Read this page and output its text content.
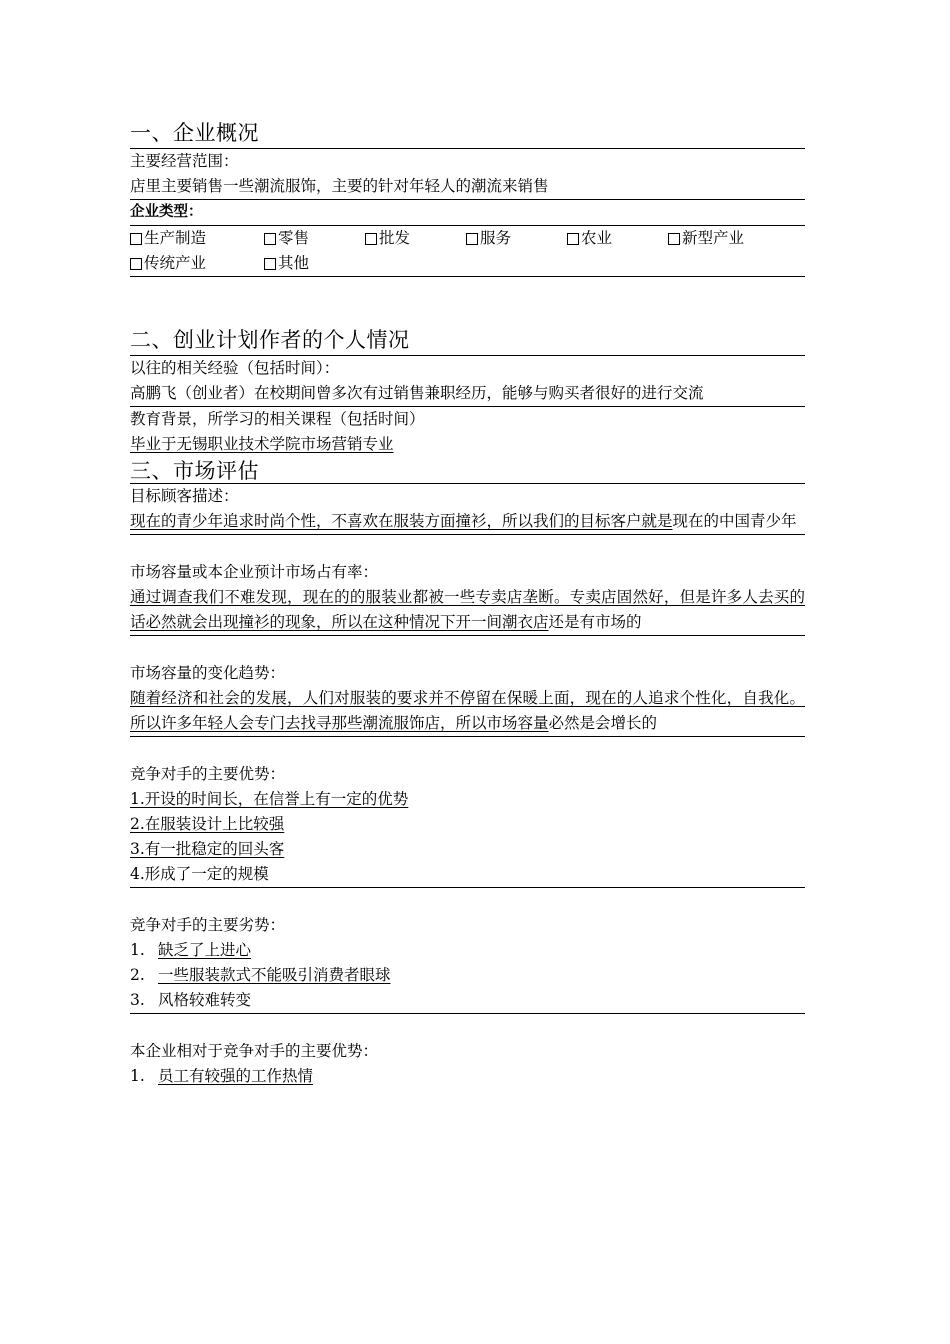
一、企业概况
主要经营范围：
店里主要销售一些潮流服饰，主要的针对年轻人的潮流来销售
企业类型：
生产制造	零售	批发	服务	农业	新型产业
传统产业	其他
二、创业计划作者的个人情况
以往的相关经验（包括时间）：
高鹏飞（创业者）在校期间曾多次有过销售兼职经历，能够与购买者很好的进行交流
教育背景，所学习的相关课程（包括时间）
毕业于无锡职业技术学院市场营销专业
三、市场评估
目标顾客描述：
现在的青少年追求时尚个性，不喜欢在服装方面撞衫，所以我们的目标客户就是现在的中国青少年
市场容量或本企业预计市场占有率：
通过调查我们不难发现，现在的的服装业都被一些专卖店垄断。专卖店固然好，但是许多人去买的话必然就会出现撞衫的现象，所以在这种情况下开一间潮衣店还是有市场的
市场容量的变化趋势：
随着经济和社会的发展，人们对服装的要求并不停留在保暖上面，现在的人追求个性化，自我化。所以许多年轻人会专门去找寻那些潮流服饰店，所以市场容量必然是会增长的
竞争对手的主要优势：
1.开设的时间长，在信誉上有一定的优势
2.在服装设计上比较强
3.有一批稳定的回头客
4.形成了一定的规模
竞争对手的主要劣势：
1. 缺乏了上进心
2. 一些服装款式不能吸引消费者眼球
3. 风格较难转变
本企业相对于竞争对手的主要优势：
1. 员工有较强的工作热情
